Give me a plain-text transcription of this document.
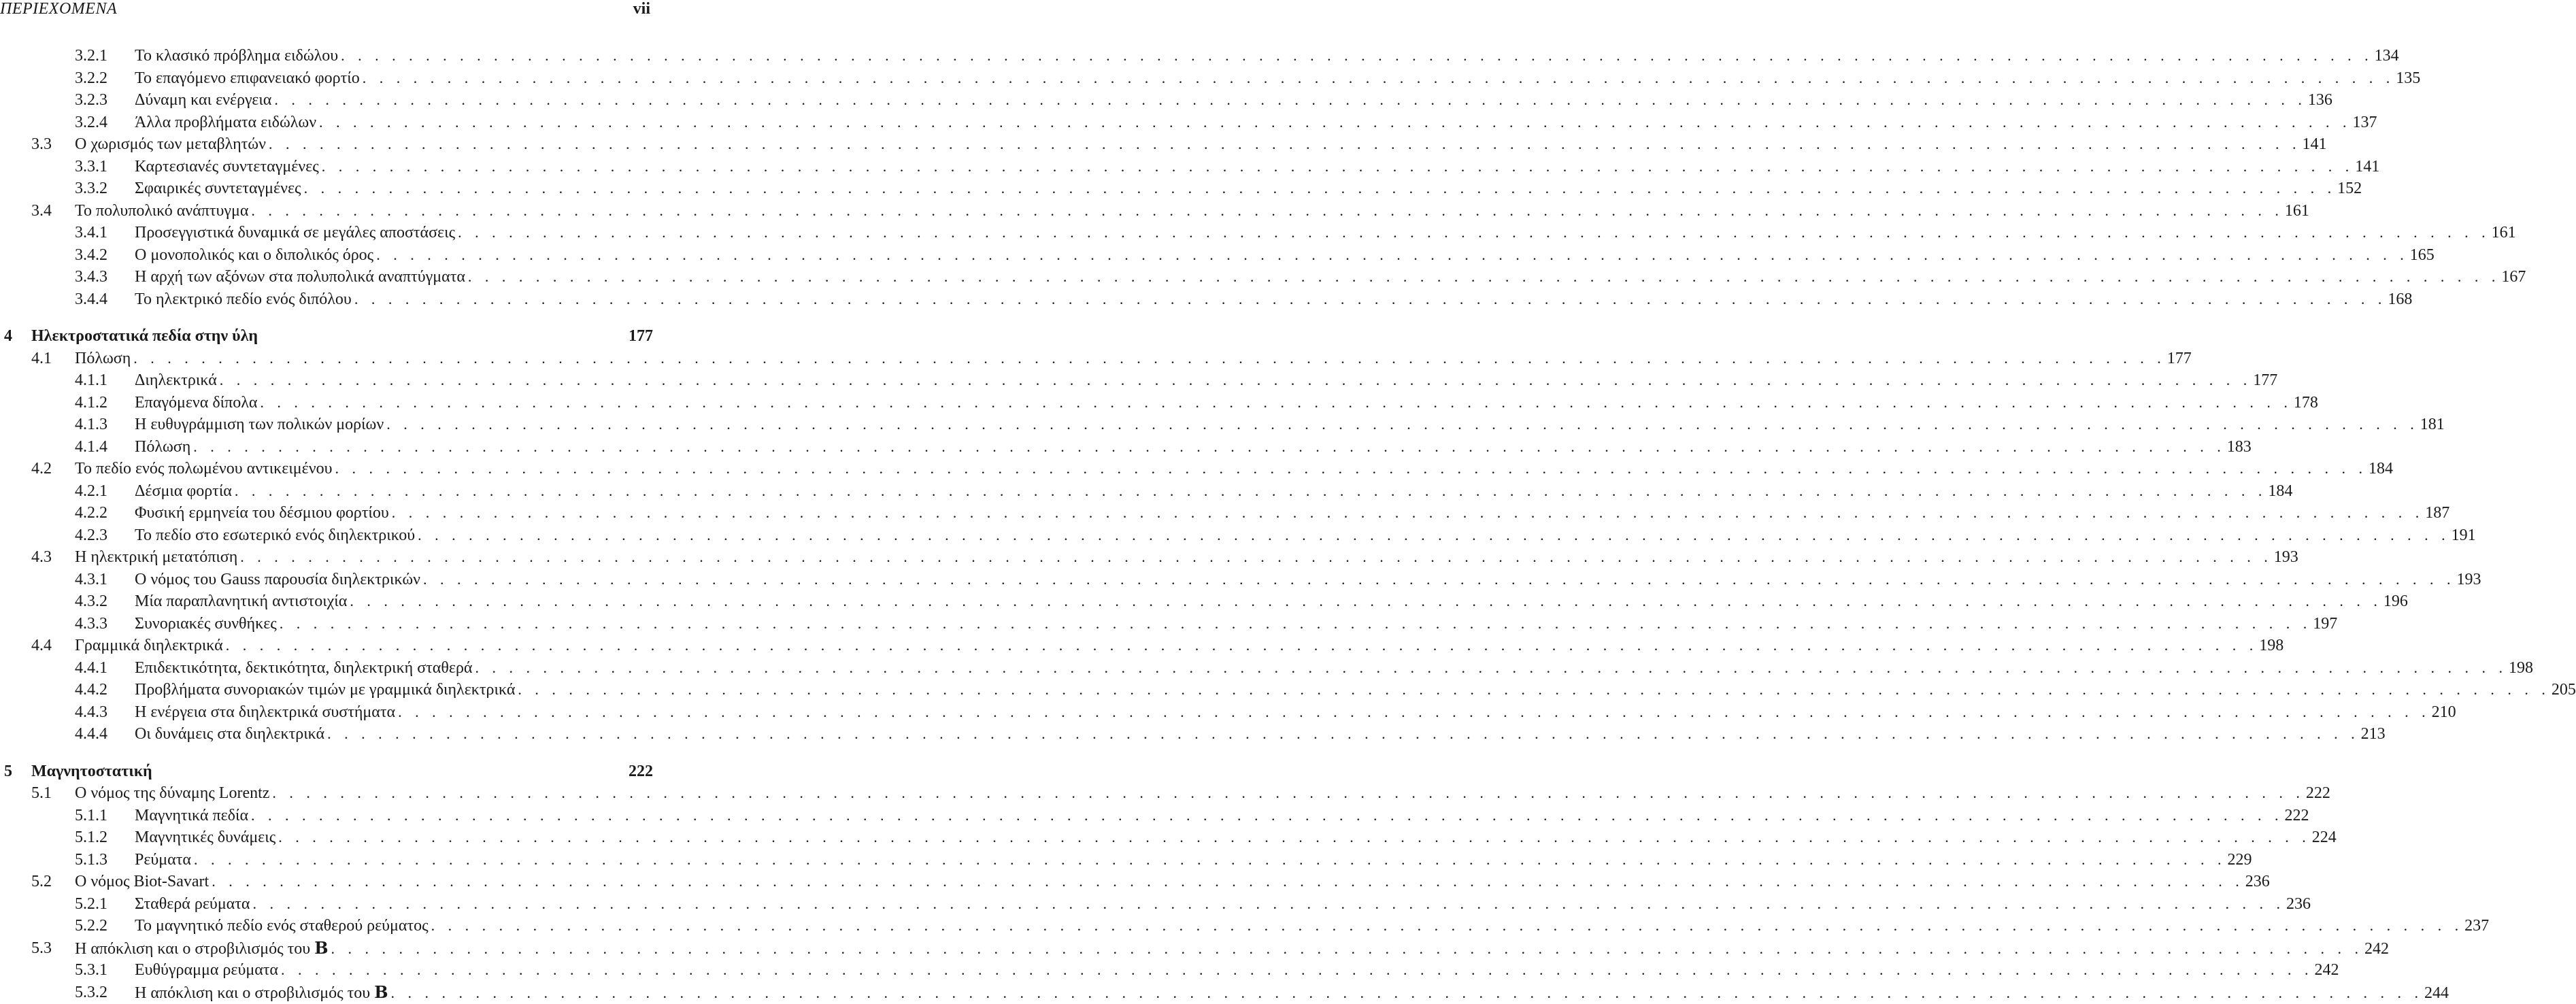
ΠΕΡΙΕΧΟΜΕΝΑ	vii
3.2.1 Το κλασικό πρόβλημα ειδώλου . . . . . . . . . . . . . . . . . . . . . . . . . . . . . . . . . . . . . . . . . . . . . . . . . . . . . . . . . . . . . . . . . . . . . . . . . . . . . . . . . . . . . . . . . . . . . . . . . . . . . . . . . . . . . . . . . . . . . . . . 134
3.2.2 Το επαγόμενο επιφανειακό φορτίο . . . . . . . . . . . . . . . . . . . . . . . . . . . . . . . . . . . . . . . . . . . . . . . . . . . . . . . . . . . . . . . . . . . . . . . . . . . . . . . . . . . . . . . . . . . . . . . . . . . . . . . . . . . . . . . . . . . . . . . . 135
3.2.3 Δύναμη και ενέργεια . . . . . . . . . . . . . . . . . . . . . . . . . . . . . . . . . . . . . . . . . . . . . . . . . . . . . . . . . . . . . . . . . . . . . . . . . . . . . . . . . . . . . . . . . . . . . . . . . . . . . . . . . . . . . . . . . . . . . . . . 136
3.2.4 Άλλα προβλήματα ειδώλων . . . . . . . . . . . . . . . . . . . . . . . . . . . . . . . . . . . . . . . . . . . . . . . . . . . . . . . . . . . . . . . . . . . . . . . . . . . . . . . . . . . . . . . . . . . . . . . . . . . . . . . . . . . . . . . . . . . . . . . . 137
3.3 Ο χωρισμός των μεταβλητών . . . . . . . . . . . . . . . . . . . . . . . . . . . . . . . . . . . . . . . . . . . . . . . . . . . . . . . . . . . . . . . . . . . . . . . . . . . . . . . . . . . . . . . . . . . . . . . . . . . . . . . . . . . . . . . . . . . . . . . . 141
3.3.1 Καρτεσιανές συντεταγμένες . . . . . . . . . . . . . . . . . . . . . . . . . . . . . . . . . . . . . . . . . . . . . . . . . . . . . . . . . . . . . . . . . . . . . . . . . . . . . . . . . . . . . . . . . . . . . . . . . . . . . . . . . . . . . . . . . . . . . . . . 141
3.3.2 Σφαιρικές συντεταγμένες . . . . . . . . . . . . . . . . . . . . . . . . . . . . . . . . . . . . . . . . . . . . . . . . . . . . . . . . . . . . . . . . . . . . . . . . . . . . . . . . . . . . . . . . . . . . . . . . . . . . . . . . . . . . . . . . . . . . . . . . 152
3.4 Το πολυπολικό ανάπτυγμα . . . . . . . . . . . . . . . . . . . . . . . . . . . . . . . . . . . . . . . . . . . . . . . . . . . . . . . . . . . . . . . . . . . . . . . . . . . . . . . . . . . . . . . . . . . . . . . . . . . . . . . . . . . . . . . . . . . . . . . . 161
3.4.1 Προσεγγιστικά δυναμικά σε μεγάλες αποστάσεις . . . . . . . . . . . . . . . . . . . . . . . . . . . . . . . . . . . . . . . . . . . . . . . . . . . . . . . . . . . . . . . . . . . . . . . . . . . . . . . . . . . . . . . . . . . . . . . . . . . . . . . . . . . . . . . . . . . . . . . . 161
3.4.2 Ο μονοπολικός και ο διπολικός όρος . . . . . . . . . . . . . . . . . . . . . . . . . . . . . . . . . . . . . . . . . . . . . . . . . . . . . . . . . . . . . . . . . . . . . . . . . . . . . . . . . . . . . . . . . . . . . . . . . . . . . . . . . . . . . . . . . . . . . . . . 165
3.4.3 Η αρχή των αξόνων στα πολυπολικά αναπτύγματα . . . . . . . . . . . . . . . . . . . . . . . . . . . . . . . . . . . . . . . . . . . . . . . . . . . . . . . . . . . . . . . . . . . . . . . . . . . . . . . . . . . . . . . . . . . . . . . . . . . . . . . . . . . . . . . . . . . . . . . . 167
3.4.4 Το ηλεκτρικό πεδίο ενός διπόλου . . . . . . . . . . . . . . . . . . . . . . . . . . . . . . . . . . . . . . . . . . . . . . . . . . . . . . . . . . . . . . . . . . . . . . . . . . . . . . . . . . . . . . . . . . . . . . . . . . . . . . . . . . . . . . . . . . . . . . . . 168
4 Ηλεκτροστατικά πεδία στην ύλη	177
4.1 Πόλωση . . . . . . . . . . . . . . . . . . . . . . . . . . . . . . . . . . . . . . . . . . . . . . . . . . . . . . . . . . . . . . . . . . . . . . . . . . . . . . . . . . . . . . . . . . . . . . . . . . . . . . . . . . . . . . . . . . . . . . . . 177
4.1.1 Διηλεκτρικά . . . . . . . . . . . . . . . . . . . . . . . . . . . . . . . . . . . . . . . . . . . . . . . . . . . . . . . . . . . . . . . . . . . . . . . . . . . . . . . . . . . . . . . . . . . . . . . . . . . . . . . . . . . . . . . . . . . . . . . . 177
4.1.2 Επαγόμενα δίπολα . . . . . . . . . . . . . . . . . . . . . . . . . . . . . . . . . . . . . . . . . . . . . . . . . . . . . . . . . . . . . . . . . . . . . . . . . . . . . . . . . . . . . . . . . . . . . . . . . . . . . . . . . . . . . . . . . . . . . . . . 178
4.1.3 Η ευθυγράμμιση των πολικών μορίων . . . . . . . . . . . . . . . . . . . . . . . . . . . . . . . . . . . . . . . . . . . . . . . . . . . . . . . . . . . . . . . . . . . . . . . . . . . . . . . . . . . . . . . . . . . . . . . . . . . . . . . . . . . . . . . . . . . . . . . . 181
4.1.4 Πόλωση . . . . . . . . . . . . . . . . . . . . . . . . . . . . . . . . . . . . . . . . . . . . . . . . . . . . . . . . . . . . . . . . . . . . . . . . . . . . . . . . . . . . . . . . . . . . . . . . . . . . . . . . . . . . . . . . . . . . . . . . 183
4.2 Το πεδίο ενός πολωμένου αντικειμένου . . . . . . . . . . . . . . . . . . . . . . . . . . . . . . . . . . . . . . . . . . . . . . . . . . . . . . . . . . . . . . . . . . . . . . . . . . . . . . . . . . . . . . . . . . . . . . . . . . . . . . . . . . . . . . . . . . . . . . . . 184
4.2.1 Δέσμια φορτία . . . . . . . . . . . . . . . . . . . . . . . . . . . . . . . . . . . . . . . . . . . . . . . . . . . . . . . . . . . . . . . . . . . . . . . . . . . . . . . . . . . . . . . . . . . . . . . . . . . . . . . . . . . . . . . . . . . . . . . . 184
4.2.2 Φυσική ερμηνεία του δέσμιου φορτίου . . . . . . . . . . . . . . . . . . . . . . . . . . . . . . . . . . . . . . . . . . . . . . . . . . . . . . . . . . . . . . . . . . . . . . . . . . . . . . . . . . . . . . . . . . . . . . . . . . . . . . . . . . . . . . . . . . . . . . . . 187
4.2.3 Το πεδίο στο εσωτερικό ενός διηλεκτρικού . . . . . . . . . . . . . . . . . . . . . . . . . . . . . . . . . . . . . . . . . . . . . . . . . . . . . . . . . . . . . . . . . . . . . . . . . . . . . . . . . . . . . . . . . . . . . . . . . . . . . . . . . . . . . . . . . . . . . . . . 191
4.3 Η ηλεκτρική μετατόπιση . . . . . . . . . . . . . . . . . . . . . . . . . . . . . . . . . . . . . . . . . . . . . . . . . . . . . . . . . . . . . . . . . . . . . . . . . . . . . . . . . . . . . . . . . . . . . . . . . . . . . . . . . . . . . . . . . . . . . . . . 193
4.3.1 Ο νόμος του Gauss παρουσία διηλεκτρικών . . . . . . . . . . . . . . . . . . . . . . . . . . . . . . . . . . . . . . . . . . . . . . . . . . . . . . . . . . . . . . . . . . . . . . . . . . . . . . . . . . . . . . . . . . . . . . . . . . . . . . . . . . . . . . . . . . . . . . . . 193
4.3.2 Μία παραπλανητική αντιστοιχία . . . . . . . . . . . . . . . . . . . . . . . . . . . . . . . . . . . . . . . . . . . . . . . . . . . . . . . . . . . . . . . . . . . . . . . . . . . . . . . . . . . . . . . . . . . . . . . . . . . . . . . . . . . . . . . . . . . . . . . . 196
4.3.3 Συνοριακές συνθήκες . . . . . . . . . . . . . . . . . . . . . . . . . . . . . . . . . . . . . . . . . . . . . . . . . . . . . . . . . . . . . . . . . . . . . . . . . . . . . . . . . . . . . . . . . . . . . . . . . . . . . . . . . . . . . . . . . . . . . . . . 197
4.4 Γραμμικά διηλεκτρικά . . . . . . . . . . . . . . . . . . . . . . . . . . . . . . . . . . . . . . . . . . . . . . . . . . . . . . . . . . . . . . . . . . . . . . . . . . . . . . . . . . . . . . . . . . . . . . . . . . . . . . . . . . . . . . . . . . . . . . . . 198
4.4.1 Επιδεκτικότητα, δεκτικότητα, διηλεκτρική σταθερά . . . . . . . . . . . . . . . . . . . . . . . . . . . . . . . . . . . . . . . . . . . . . . . . . . . . . . . . . . . . . . . . . . . . . . . . . . . . . . . . . . . . . . . . . . . . . . . . . . . . . . . . . . . . . . . . . . . . . . . . 198
4.4.2 Προβλήματα συνοριακών τιμών με γραμμικά διηλεκτρικά . . . . . . . . . . . . . . . . . . . . . . . . . . . . . . . . . . . . . . . . . . . . . . . . . . . . . . . . . . . . . . . . . . . . . . . . . . . . . . . . . . . . . . . . . . . . . . . . . . . . . . . . . . . . . . . . . . . . . . . . 205
4.4.3 Η ενέργεια στα διηλεκτρικά συστήματα . . . . . . . . . . . . . . . . . . . . . . . . . . . . . . . . . . . . . . . . . . . . . . . . . . . . . . . . . . . . . . . . . . . . . . . . . . . . . . . . . . . . . . . . . . . . . . . . . . . . . . . . . . . . . . . . . . . . . . . . 210
4.4.4 Οι δυνάμεις στα διηλεκτρικά . . . . . . . . . . . . . . . . . . . . . . . . . . . . . . . . . . . . . . . . . . . . . . . . . . . . . . . . . . . . . . . . . . . . . . . . . . . . . . . . . . . . . . . . . . . . . . . . . . . . . . . . . . . . . . . . . . . . . . . . 213
5 Μαγνητοστατική	222
5.1 Ο νόμος της δύναμης Lorentz . . . . . . . . . . . . . . . . . . . . . . . . . . . . . . . . . . . . . . . . . . . . . . . . . . . . . . . . . . . . . . . . . . . . . . . . . . . . . . . . . . . . . . . . . . . . . . . . . . . . . . . . . . . . . . . . . . . . . . . . 222
5.1.1 Μαγνητικά πεδία . . . . . . . . . . . . . . . . . . . . . . . . . . . . . . . . . . . . . . . . . . . . . . . . . . . . . . . . . . . . . . . . . . . . . . . . . . . . . . . . . . . . . . . . . . . . . . . . . . . . . . . . . . . . . . . . . . . . . . . . 222
5.1.2 Μαγνητικές δυνάμεις . . . . . . . . . . . . . . . . . . . . . . . . . . . . . . . . . . . . . . . . . . . . . . . . . . . . . . . . . . . . . . . . . . . . . . . . . . . . . . . . . . . . . . . . . . . . . . . . . . . . . . . . . . . . . . . . . . . . . . . . 224
5.1.3 Ρεύματα . . . . . . . . . . . . . . . . . . . . . . . . . . . . . . . . . . . . . . . . . . . . . . . . . . . . . . . . . . . . . . . . . . . . . . . . . . . . . . . . . . . . . . . . . . . . . . . . . . . . . . . . . . . . . . . . . . . . . . . . 229
5.2 Ο νόμος Biot-Savart . . . . . . . . . . . . . . . . . . . . . . . . . . . . . . . . . . . . . . . . . . . . . . . . . . . . . . . . . . . . . . . . . . . . . . . . . . . . . . . . . . . . . . . . . . . . . . . . . . . . . . . . . . . . . . . . . . . . . . . . 236
5.2.1 Σταθερά ρεύματα . . . . . . . . . . . . . . . . . . . . . . . . . . . . . . . . . . . . . . . . . . . . . . . . . . . . . . . . . . . . . . . . . . . . . . . . . . . . . . . . . . . . . . . . . . . . . . . . . . . . . . . . . . . . . . . . . . . . . . . . 236
5.2.2 Το μαγνητικό πεδίο ενός σταθερού ρεύματος . . . . . . . . . . . . . . . . . . . . . . . . . . . . . . . . . . . . . . . . . . . . . . . . . . . . . . . . . . . . . . . . . . . . . . . . . . . . . . . . . . . . . . . . . . . . . . . . . . . . . . . . . . . . . . . . . . . . . . . . 237
5.3 Η απόκλιση και ο στροβιλισμός του B . . . . . . . . . . . . . . . . . . . . . . . . . . . . . . . . . . . . . . . . . . . . . . . . . . . . . . . . . . . . . . . . . . . . . . . . . . . . . . . . . . . . . . . . . . . . . . . . . . . . . . . . . . . . . . . . . . . . . . . . 242
5.3.1 Ευθύγραμμα ρεύματα . . . . . . . . . . . . . . . . . . . . . . . . . . . . . . . . . . . . . . . . . . . . . . . . . . . . . . . . . . . . . . . . . . . . . . . . . . . . . . . . . . . . . . . . . . . . . . . . . . . . . . . . . . . . . . . . . . . . . . . . 242
5.3.2 Η απόκλιση και ο στροβιλισμός του B . . . . . . . . . . . . . . . . . . . . . . . . . . . . . . . . . . . . . . . . . . . . . . . . . . . . . . . . . . . . . . . . . . . . . . . . . . . . . . . . . . . . . . . . . . . . . . . . . . . . . . . . . . . . . . . . . . . . . . . . 244
